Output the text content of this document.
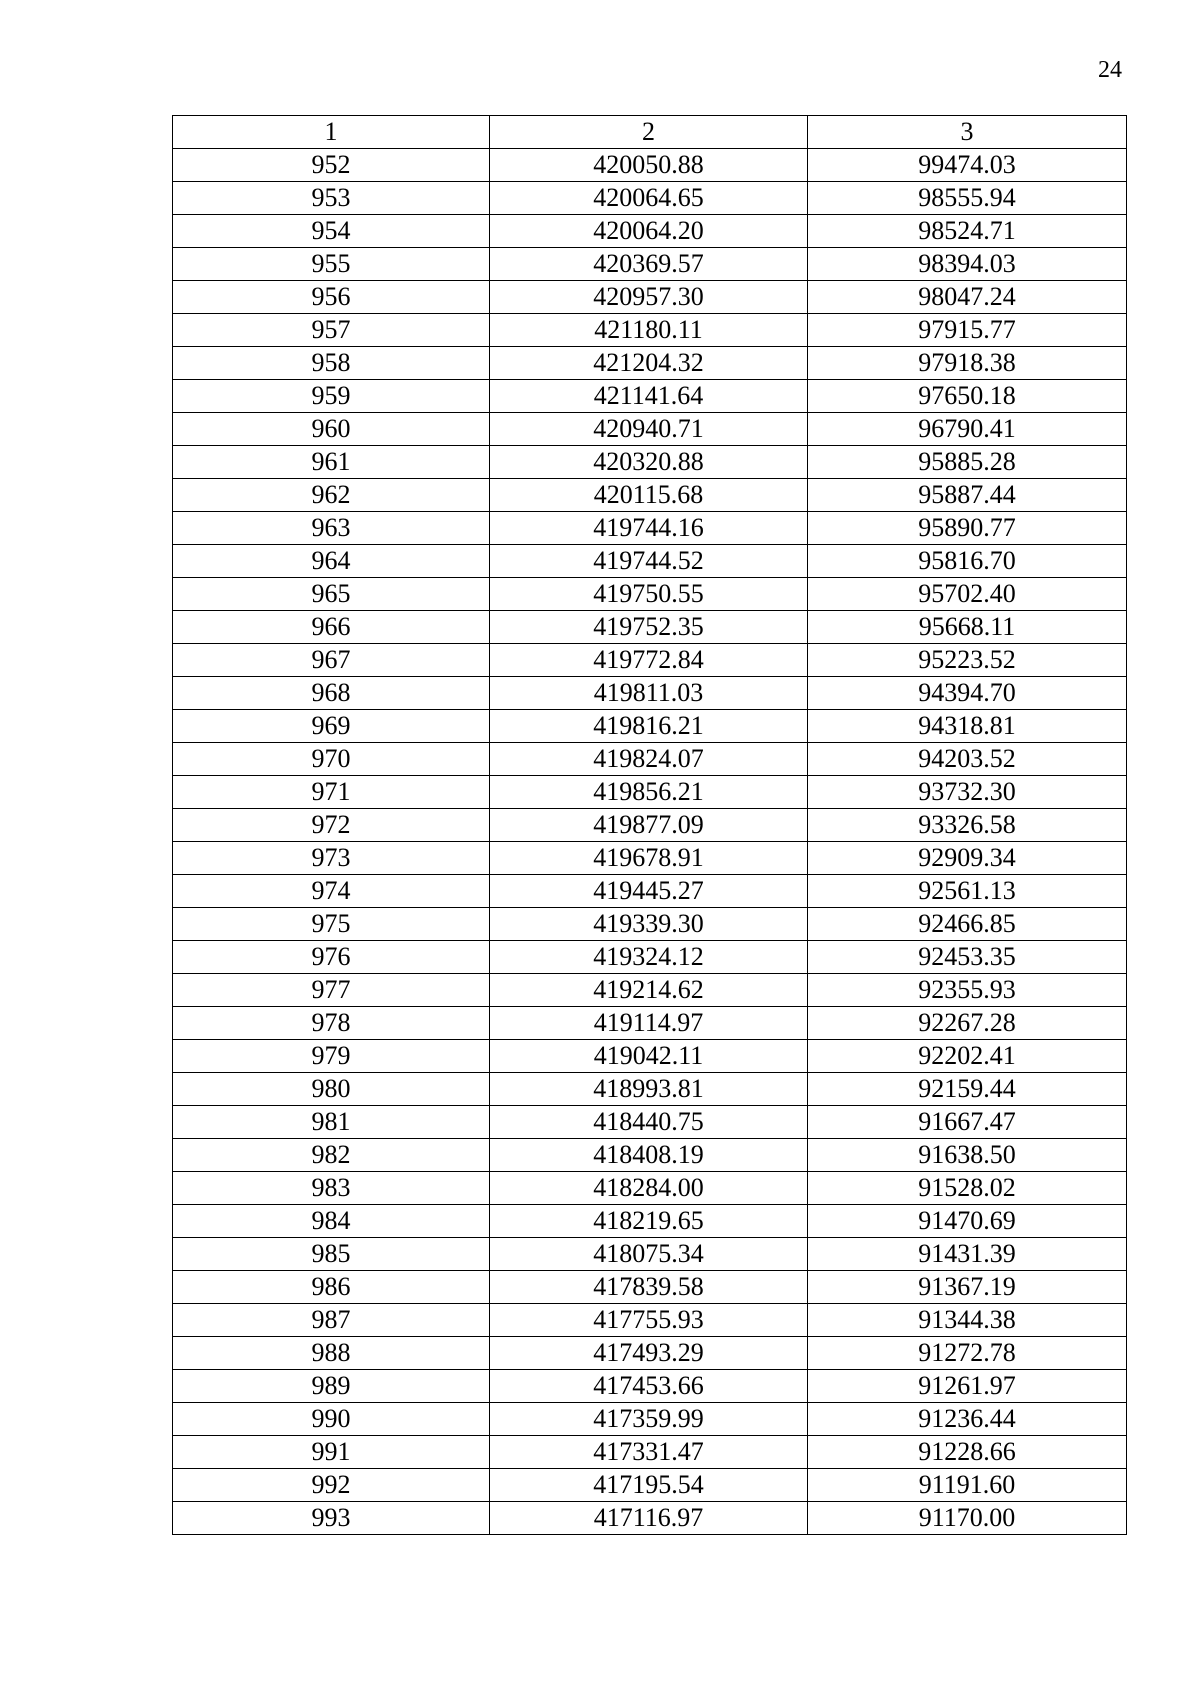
24
1	2	3
952	420050.88	99474.03
953	420064.65	98555.94
954	420064.20	98524.71
955	420369.57	98394.03
956	420957.30	98047.24
957	421180.11	97915.77
958	421204.32	97918.38
959	421141.64	97650.18
960	420940.71	96790.41
961	420320.88	95885.28
962	420115.68	95887.44
963	419744.16	95890.77
964	419744.52	95816.70
965	419750.55	95702.40
966	419752.35	95668.11
967	419772.84	95223.52
968	419811.03	94394.70
969	419816.21	94318.81
970	419824.07	94203.52
971	419856.21	93732.30
972	419877.09	93326.58
973	419678.91	92909.34
974	419445.27	92561.13
975	419339.30	92466.85
976	419324.12	92453.35
977	419214.62	92355.93
978	419114.97	92267.28
979	419042.11	92202.41
980	418993.81	92159.44
981	418440.75	91667.47
982	418408.19	91638.50
983	418284.00	91528.02
984	418219.65	91470.69
985	418075.34	91431.39
986	417839.58	91367.19
987	417755.93	91344.38
988	417493.29	91272.78
989	417453.66	91261.97
990	417359.99	91236.44
991	417331.47	91228.66
992	417195.54	91191.60
993	417116.97	91170.00
